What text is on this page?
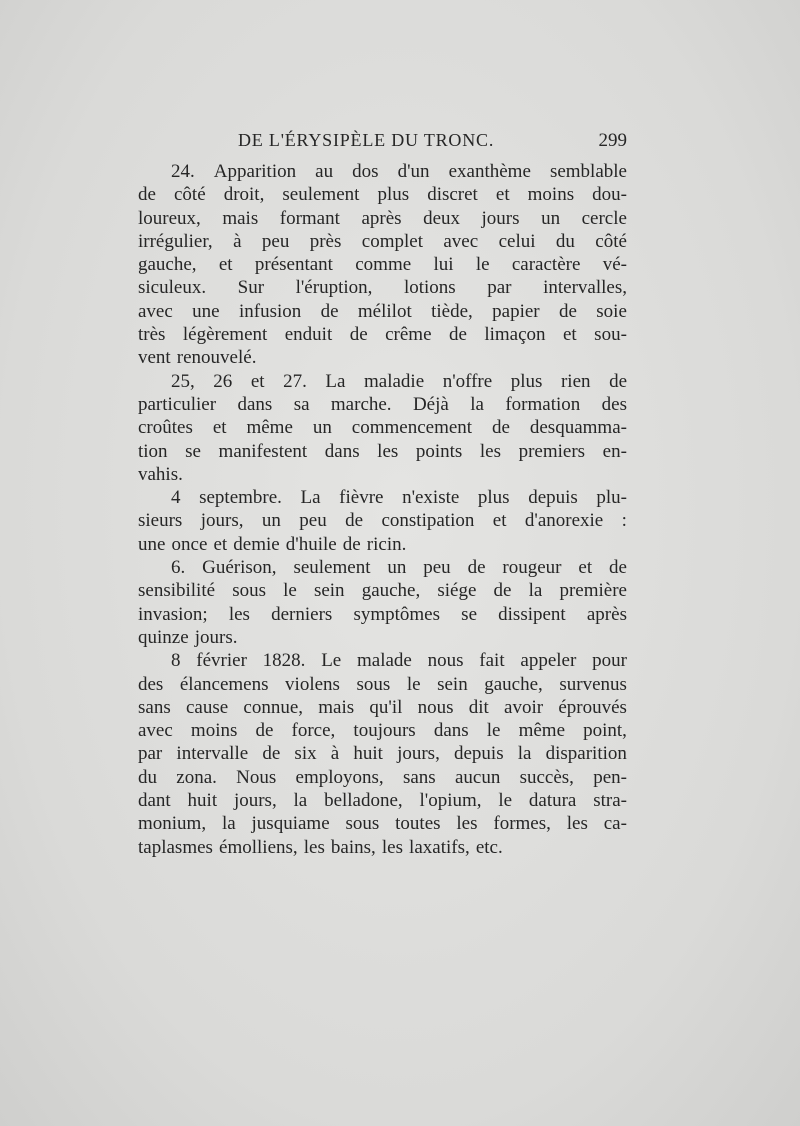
DE L'ÉRYSIPÈLE DU TRONC.	299
24. Apparition au dos d'un exanthème semblable
de côté droit, seulement plus discret et moins dou-
loureux, mais formant après deux jours un cercle
irrégulier, à peu près complet avec celui du côté
gauche, et présentant comme lui le caractère vé-
siculeux. Sur l'éruption, lotions par intervalles,
avec une infusion de mélilot tiède, papier de soie
très légèrement enduit de crême de limaçon et sou-
vent renouvelé.
25, 26 et 27. La maladie n'offre plus rien de
particulier dans sa marche. Déjà la formation des
croûtes et même un commencement de desquamma-
tion se manifestent dans les points les premiers en-
vahis.
4 septembre. La fièvre n'existe plus depuis plu-
sieurs jours, un peu de constipation et d'anorexie :
une once et demie d'huile de ricin.
6. Guérison, seulement un peu de rougeur et de
sensibilité sous le sein gauche, siége de la première
invasion; les derniers symptômes se dissipent après
quinze jours.
8 février 1828. Le malade nous fait appeler pour
des élancemens violens sous le sein gauche, survenus
sans cause connue, mais qu'il nous dit avoir éprouvés
avec moins de force, toujours dans le même point,
par intervalle de six à huit jours, depuis la disparition
du zona. Nous employons, sans aucun succès, pen-
dant huit jours, la belladone, l'opium, le datura stra-
monium, la jusquiame sous toutes les formes, les ca-
taplasmes émolliens, les bains, les laxatifs, etc.
